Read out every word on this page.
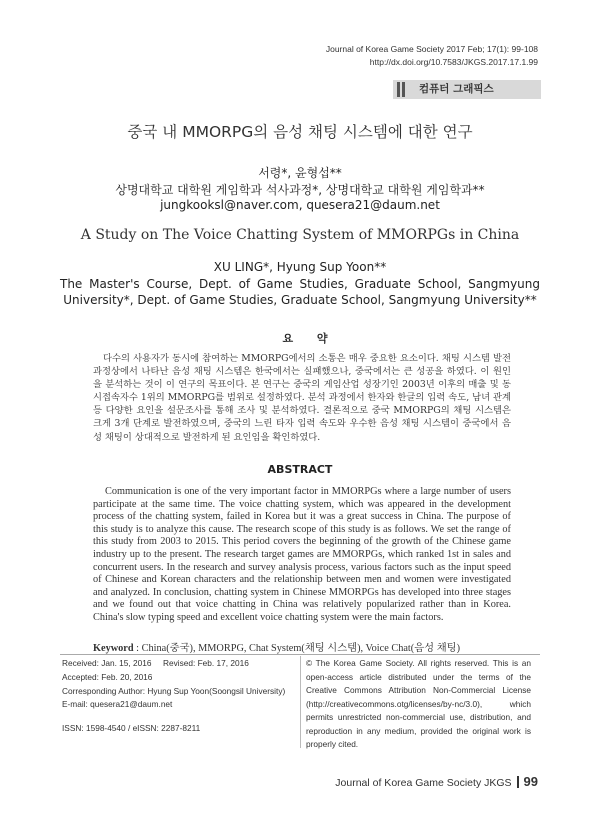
Journal of Korea Game Society 2017 Feb; 17(1): 99-108
http://dx.doi.org/10.7583/JKGS.2017.17.1.99
컴퓨터 그래픽스
중국 내 MMORPG의 음성 채팅 시스템에 대한 연구
서령*, 윤형섭**
상명대학교 대학원 게임학과 석사과정*, 상명대학교 대학원 게임학과**
jungkooksl@naver.com, quesera21@daum.net
A Study on The Voice Chatting System of MMORPGs in China
XU LING*, Hyung Sup Yoon**
The Master's Course, Dept. of Game Studies, Graduate School, Sangmyung University*, Dept. of Game Studies, Graduate School, Sangmyung University**
요 약
다수의 사용자가 동시에 참여하는 MMORPG에서의 소통은 매우 중요한 요소이다. 채팅 시스템 발전 과정상에서 나타난 음성 채팅 시스템은 한국에서는 실패했으나, 중국에서는 큰 성공을 하였다. 이 원인을 분석하는 것이 이 연구의 목표이다. 본 연구는 중국의 게임산업 성장기인 2003년 이후의 매출 및 동시접속자수 1위의 MMORPG를 범위로 설정하였다. 분석 과정에서 한자와 한글의 입력 속도, 남녀 관계 등 다양한 요인을 설문조사를 통해 조사 및 분석하였다. 결론적으로 중국 MMORPG의 채팅 시스템은 크게 3개 단계로 발전하였으며, 중국의 느린 타자 입력 속도와 우수한 음성 채팅 시스템이 중국에서 음성 채팅이 상대적으로 발전하게 된 요인임을 확인하였다.
ABSTRACT
Communication is one of the very important factor in MMORPGs where a large number of users participate at the same time. The voice chatting system, which was appeared in the development process of the chatting system, failed in Korea but it was a great success in China. The purpose of this study is to analyze this cause. The research scope of this study is as follows. We set the range of this study from 2003 to 2015. This period covers the beginning of the growth of the Chinese game industry up to the present. The research target games are MMORPGs, which ranked 1st in sales and concurrent users. In the research and survey analysis process, various factors such as the input speed of Chinese and Korean characters and the relationship between men and women were investigated and analyzed. In conclusion, chatting system in Chinese MMORPGs has developed into three stages and we found out that voice chatting in China was relatively popularized rather than in Korea. China's slow typing speed and excellent voice chatting system were the main factors.
Keyword : China(중국), MMORPG, Chat System(채팅 시스템), Voice Chat(음성 채팅)
Received: Jan. 15, 2016 Revised: Feb. 17, 2016
Accepted: Feb. 20, 2016
Corresponding Author: Hyung Sup Yoon(Soongsil University)
E-mail: quesera21@daum.net
ISSN: 1598-4540 / eISSN: 2287-8211
© The Korea Game Society. All rights reserved. This is an open-access article distributed under the terms of the Creative Commons Attribution Non-Commercial License (http://creativecommons.otg/licenses/by-nc/3.0), which permits unrestricted non-commercial use, distribution, and reproduction in any medium, provided the original work is properly cited.
Journal of Korea Game Society JKGS 99
